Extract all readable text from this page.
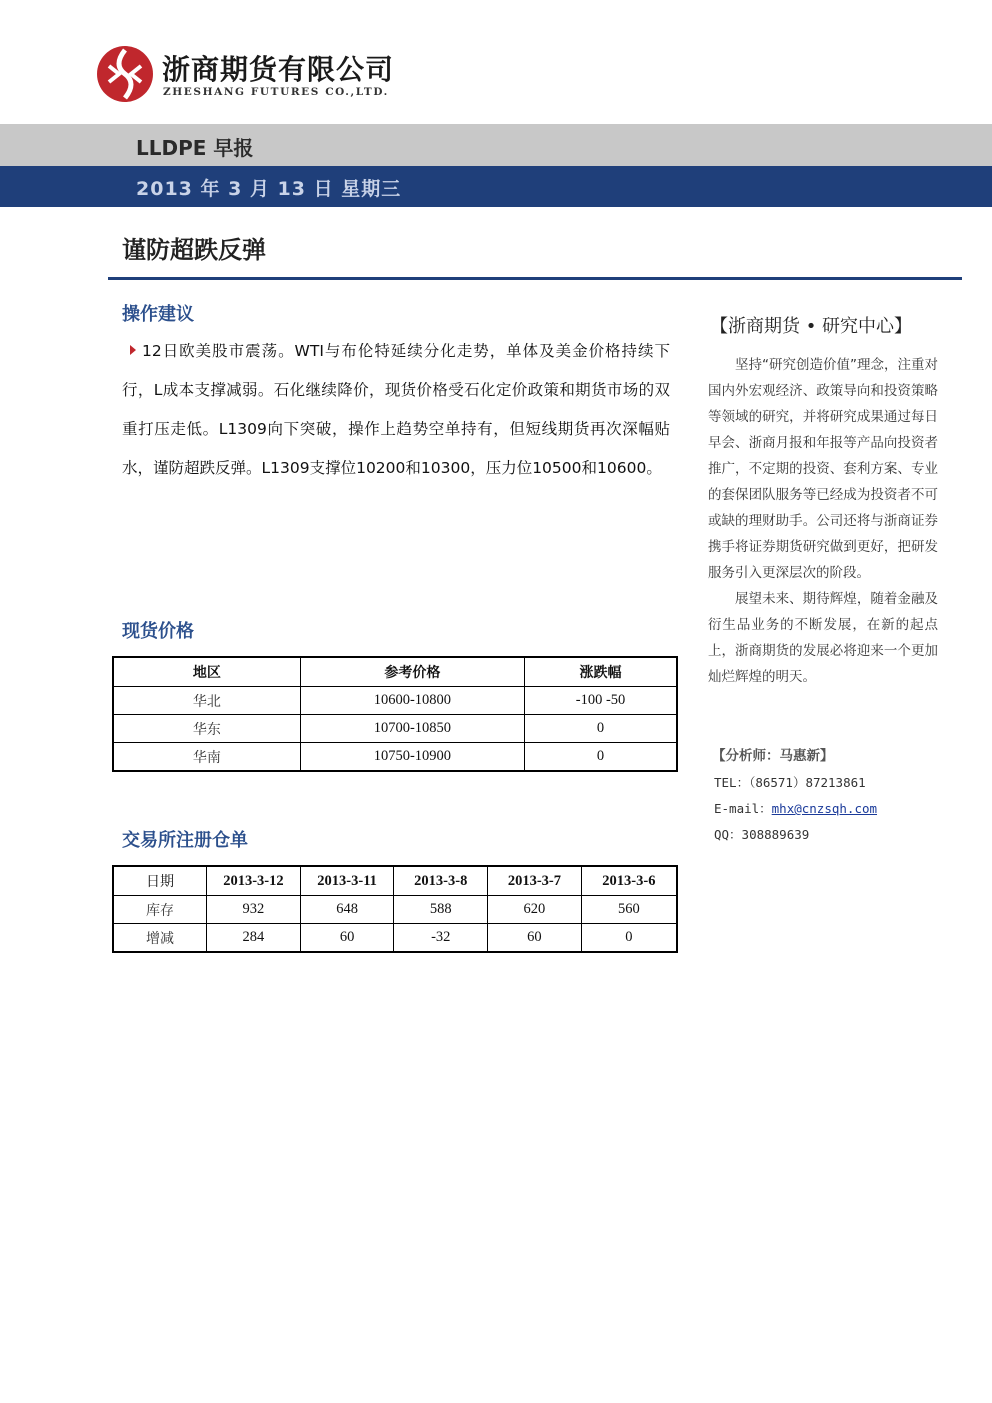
浙商期货有限公司
ZHESHANG FUTURES CO.,LTD.
LLDPE 早报
2013 年 3 月 13 日 星期三
谨防超跌反弹
操作建议
12日欧美股市震荡。WTI与布伦特延续分化走势，单体及美金价格持续下行，L成本支撑减弱。石化继续降价，现货价格受石化定价政策和期货市场的双重打压走低。L1309向下突破，操作上趋势空单持有，但短线期货再次深幅贴水，谨防超跌反弹。L1309支撑位10200和10300，压力位10500和10600。
现货价格
地区	参考价格	涨跌幅
华北	10600-10800	-100 -50
华东	10700-10850	0
华南	10750-10900	0
交易所注册仓单
日期	2013-3-12	2013-3-11	2013-3-8	2013-3-7	2013-3-6
库存	932	648	588	620	560
增减	284	60	-32	60	0
【浙商期货 • 研究中心】

坚持“研究创造价值”理念，注重对国内外宏观经济、政策导向和投资策略等领域的研究，并将研究成果通过每日早会、浙商月报和年报等产品向投资者推广，不定期的投资、套利方案、专业的套保团队服务等已经成为投资者不可或缺的理财助手。公司还将与浙商证券携手将证券期货研究做到更好，把研发服务引入更深层次的阶段。

展望未来、期待辉煌，随着金融及衍生品业务的不断发展，在新的起点上，浙商期货的发展必将迎来一个更加灿烂辉煌的明天。

【分析师：马惠新】
TEL：（86571）87213861
E-mail：mhx@cnzsqh.com
QQ：308889639
